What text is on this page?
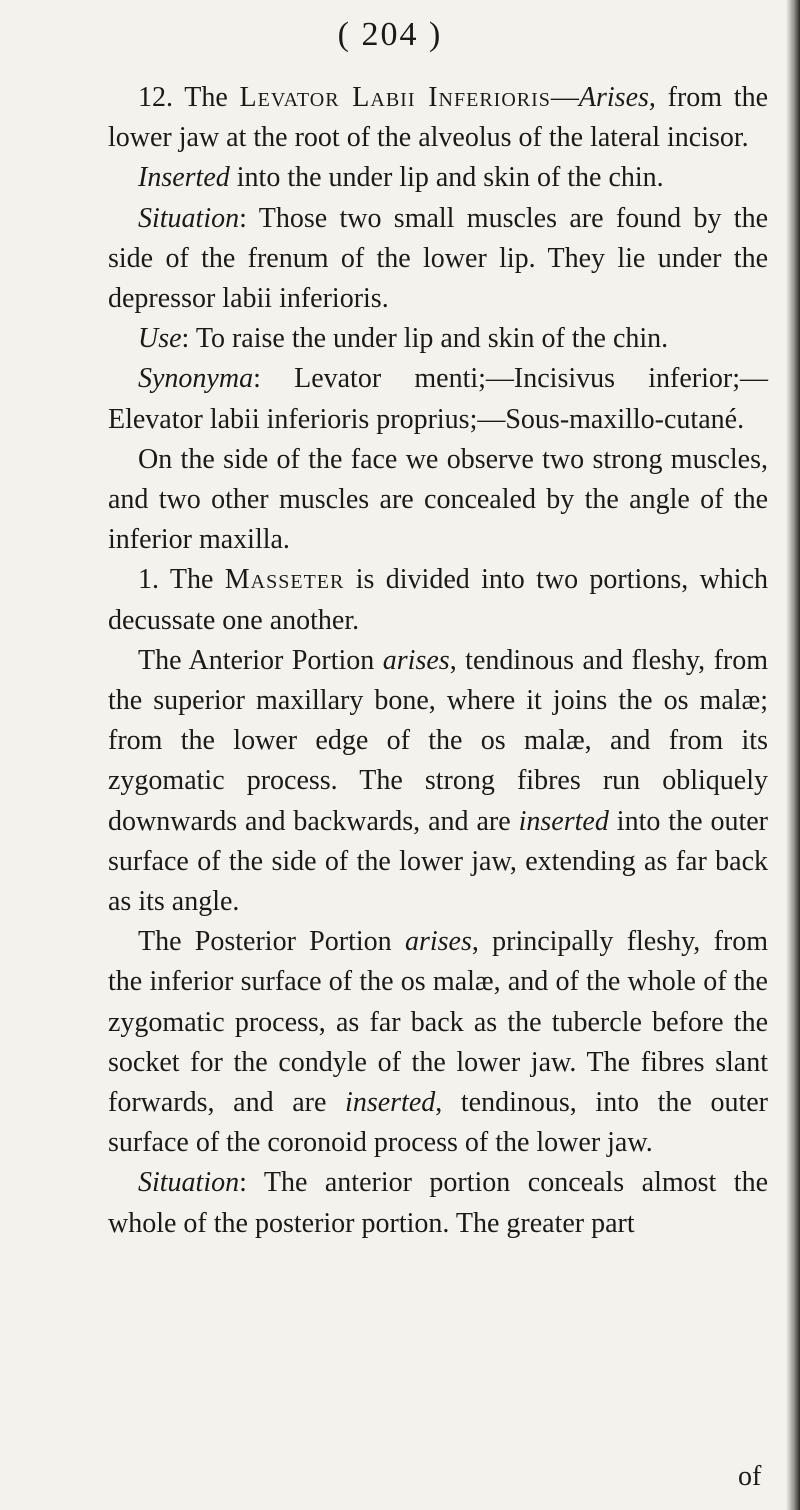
( 204 )

12. The Levator Labii Inferioris—Arises, from the lower jaw at the root of the alveolus of the lateral incisor.

Inserted into the under lip and skin of the chin.

Situation: Those two small muscles are found by the side of the frenum of the lower lip. They lie under the depressor labii inferioris.

Use: To raise the under lip and skin of the chin.

Synonyma: Levator menti;—Incisivus inferior;—Elevator labii inferioris proprius;—Sous-maxillo-cutané.

On the side of the face we observe two strong muscles, and two other muscles are concealed by the angle of the inferior maxilla.

1. The Masseter is divided into two portions, which decussate one another.

The Anterior Portion arises, tendinous and fleshy, from the superior maxillary bone, where it joins the os malæ; from the lower edge of the os malæ, and from its zygomatic process. The strong fibres run obliquely downwards and backwards, and are inserted into the outer surface of the side of the lower jaw, extending as far back as its angle.

The Posterior Portion arises, principally fleshy, from the inferior surface of the os malæ, and of the whole of the zygomatic process, as far back as the tubercle before the socket for the condyle of the lower jaw. The fibres slant forwards, and are inserted, tendinous, into the outer surface of the coronoid process of the lower jaw.

Situation: The anterior portion conceals almost the whole of the posterior portion. The greater part

of
